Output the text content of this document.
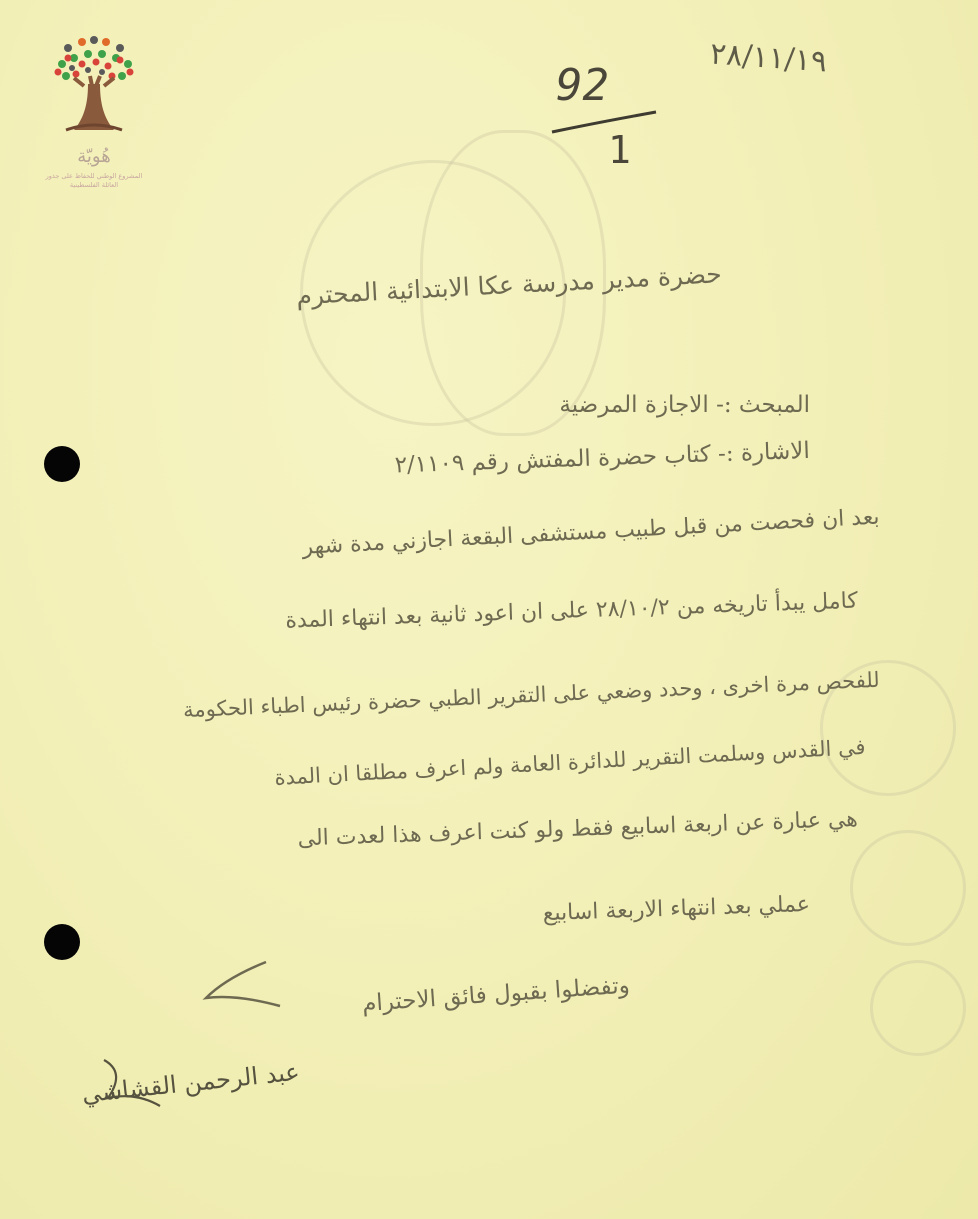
هُويّة
المشروع الوطني للحفاظ على جذور العائلة الفلسطينية
92
1
٢٨/١١/١٩
حضرة مدير مدرسة عكا الابتدائية المحترم
المبحث :- الاجازة المرضية
الاشارة :- كتاب حضرة المفتش رقم ٢/١١٠٩
بعد ان فحصت من قبل طبيب مستشفى البقعة اجازني مدة شهر
كامل يبدأ تاريخه من ٢٨/١٠/٢ على ان اعود ثانية بعد انتهاء المدة
للفحص مرة اخرى ، وحدد وضعي على التقرير الطبي حضرة رئيس اطباء الحكومة
في القدس وسلمت التقرير للدائرة العامة ولم اعرف مطلقا ان المدة
هي عبارة عن اربعة اسابيع فقط ولو كنت اعرف هذا لعدت الى
عملي بعد انتهاء الاربعة اسابيع
وتفضلوا بقبول فائق الاحترام
عبد الرحمن القشاشي
